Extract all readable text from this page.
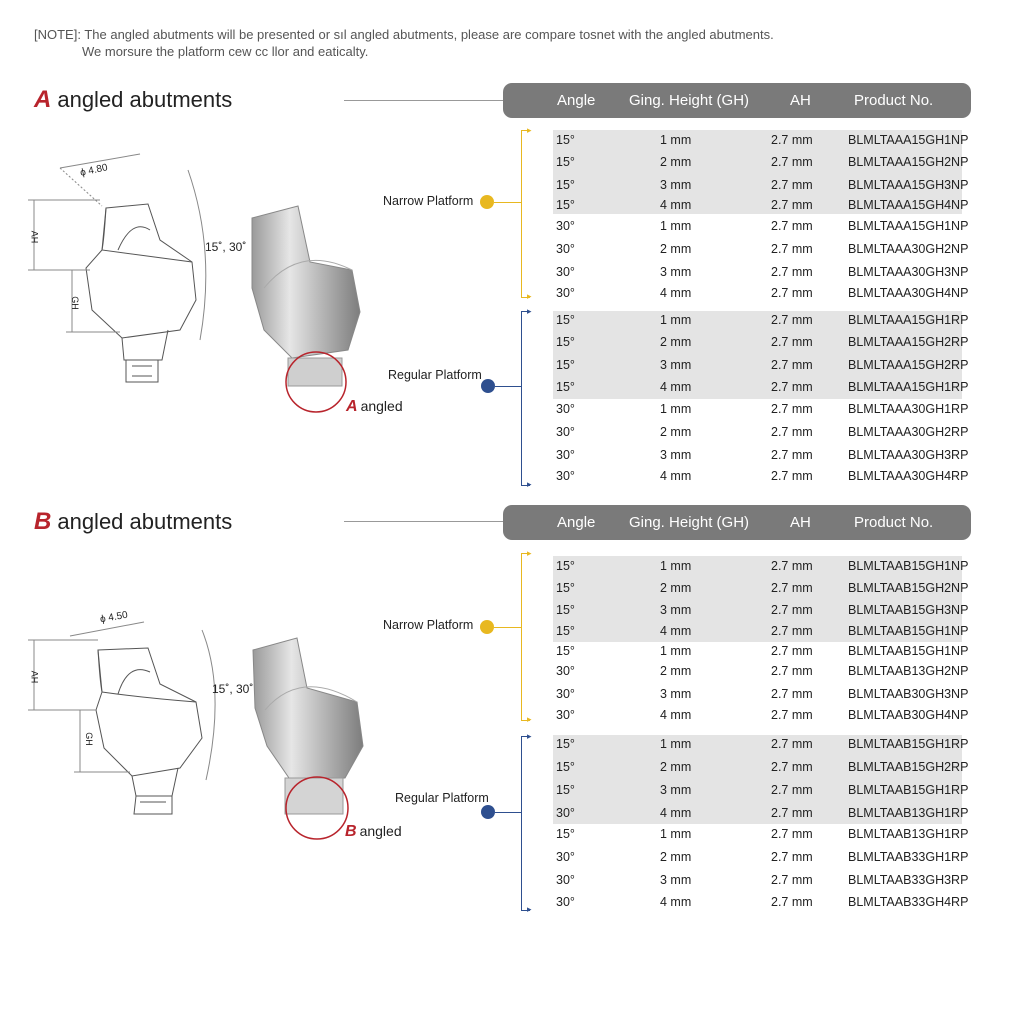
[NOTE]: The angled abutments will be presented or sıl angled abutments, please are compare tosnet with the angled abutments.
We morsure the platform cew cc llor and eaticalty.
A angled abutments	Angle Ging. Height (GH)	AH	Product No.
ϕ 4.80
AH
GH
15˚, 30˚
A angled
Narrow Platform
▸
▸
Regular Platform
▸
▸
15°	1 mm	2.7 mm	BLMLTAAA15GH1NP
15°	2 mm	2.7 mm	BLMLTAAA15GH2NP
15°	3 mm	2.7 mm	BLMLTAAA15GH3NP
15°	4 mm	2.7 mm	BLMLTAAA15GH4NP
30°	1 mm	2.7 mm	BLMLTAAA15GH1NP
30°	2 mm	2.7 mm	BLMLTAAA30GH2NP
30°	3 mm	2.7 mm	BLMLTAAA30GH3NP
30°	4 mm	2.7 mm	BLMLTAAA30GH4NP
15°	1 mm	2.7 mm	BLMLTAAA15GH1RP
15°	2 mm	2.7 mm	BLMLTAAA15GH2RP
15°	3 mm	2.7 mm	BLMLTAAA15GH2RP
15°	4 mm	2.7 mm	BLMLTAAA15GH1RP
30°	1 mm	2.7 mm	BLMLTAAA30GH1RP
30°	2 mm	2.7 mm	BLMLTAAA30GH2RP
30°	3 mm	2.7 mm	BLMLTAAA30GH3RP
30°	4 mm	2.7 mm	BLMLTAAA30GH4RP
B angled abutments	Angle Ging. Height (GH)	AH	Product No.
ϕ 4.50
AH
GH
15˚, 30˚
B angled
Narrow Platform
▸
▸
Regular Platform
▸
▸
15°	1 mm	2.7 mm	BLMLTAAB15GH1NP
15°	2 mm	2.7 mm	BLMLTAAB15GH2NP
15°	3 mm	2.7 mm	BLMLTAAB15GH3NP
15°	4 mm	2.7 mm	BLMLTAAB15GH1NP
15°	1 mm	2.7 mm	BLMLTAAB15GH1NP
30°	2 mm	2.7 mm	BLMLTAAB13GH2NP
30°	3 mm	2.7 mm	BLMLTAAB30GH3NP
30°	4 mm	2.7 mm	BLMLTAAB30GH4NP
15°	1 mm	2.7 mm	BLMLTAAB15GH1RP
15°	2 mm	2.7 mm	BLMLTAAB15GH2RP
15°	3 mm	2.7 mm	BLMLTAAB15GH1RP
30°	4 mm	2.7 mm	BLMLTAAB13GH1RP
15°	1 mm	2.7 mm	BLMLTAAB13GH1RP
30°	2 mm	2.7 mm	BLMLTAAB33GH1RP
30°	3 mm	2.7 mm	BLMLTAAB33GH3RP
30°	4 mm	2.7 mm	BLMLTAAB33GH4RP
